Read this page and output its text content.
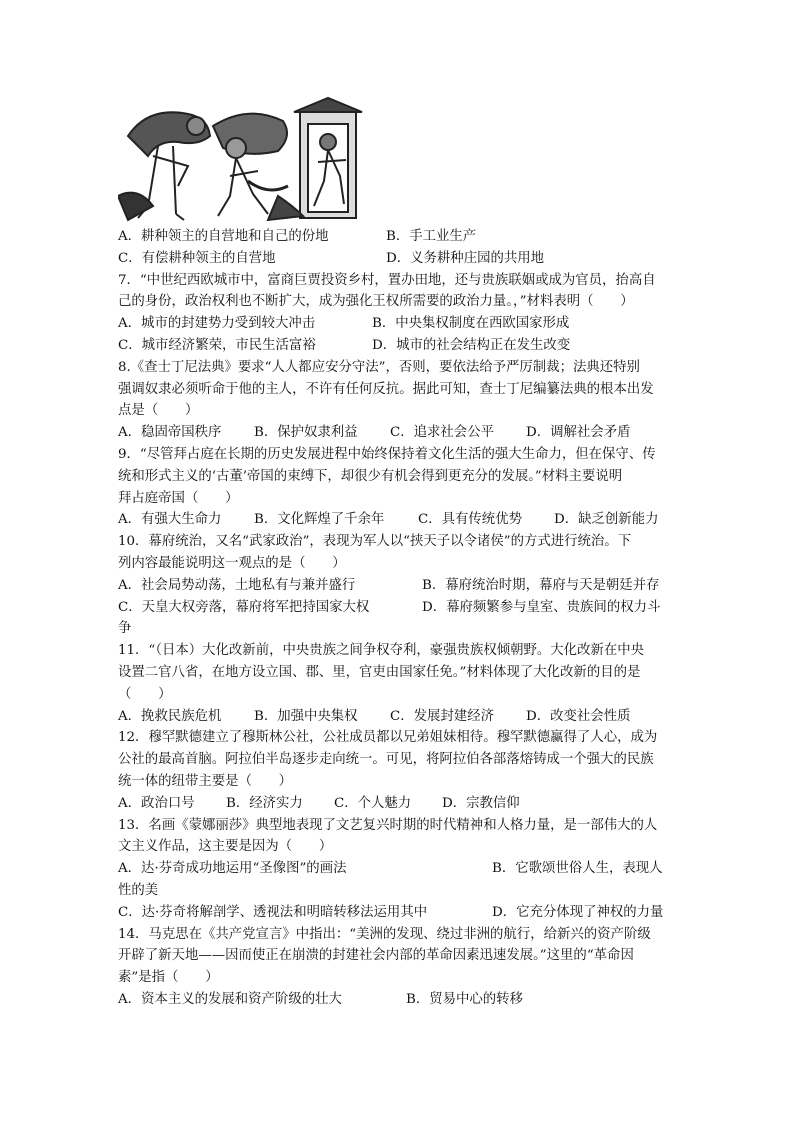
A．耕种领主的自营地和自己的份地	B．手工业生产
C．有偿耕种领主的自营地	D．义务耕种庄园的共用地
7．“中世纪西欧城市中，富商巨贾投资乡村，置办田地，还与贵族联姻或成为官员，抬高自
己的身份，政治权利也不断扩大，成为强化王权所需要的政治力量。，”材料表明（　　）
A．城市的封建势力受到较大冲击	B．中央集权制度在西欧国家形成
C．城市经济繁荣，市民生活富裕	D．城市的社会结构正在发生改变
8.《查士丁尼法典》要求“人人都应安分守法”，否则，要依法给予严厉制裁；法典还特别
强调奴隶必须听命于他的主人，不许有任何反抗。据此可知，查士丁尼编纂法典的根本出发
点是（　　）
A．稳固帝国秩序	B．保护奴隶利益	C．追求社会公平	D．调解社会矛盾
9．“尽管拜占庭在长期的历史发展进程中始终保持着文化生活的强大生命力，但在保守、传
统和形式主义的‘古董’帝国的束缚下，却很少有机会得到更充分的发展。”材料主要说明
拜占庭帝国（　　）
A．有强大生命力	B．文化辉煌了千余年	C．具有传统优势	D．缺乏创新能力
10．幕府统治，又名“武家政治”，表现为军人以“挟天子以令诸侯”的方式进行统治。下
列内容最能说明这一观点的是（　　）
A．社会局势动荡，土地私有与兼并盛行	B．幕府统治时期，幕府与天是朝廷并存
C．天皇大权旁落，幕府将军把持国家大权	D．幕府频繁参与皇室、贵族间的权力斗
争
11．“（日本）大化改新前，中央贵族之间争权夺利，豪强贵族权倾朝野。大化改新在中央
设置二官八省，在地方设立国、郡、里，官吏由国家任免。”材料体现了大化改新的目的是
（　　）
A．挽救民族危机	B．加强中央集权	C．发展封建经济	D．改变社会性质
12．穆罕默德建立了穆斯林公社，公社成员都以兄弟姐妹相待。穆罕默德赢得了人心，成为
公社的最高首脑。阿拉伯半岛逐步走向统一。可见，将阿拉伯各部落熔铸成一个强大的民族
统一体的纽带主要是（　　）
A．政治口号	B．经济实力	C．个人魅力	D．宗教信仰
13．名画《蒙娜丽莎》典型地表现了文艺复兴时期的时代精神和人格力量，是一部伟大的人
文主义作品，这主要是因为（　　）
A．达·芬奇成功地运用“圣像图”的画法	B．它歌颂世俗人生，表现人
性的美
C．达·芬奇将解剖学、透视法和明暗转移法运用其中	D．它充分体现了神权的力量
14．马克思在《共产党宣言》中指出：“美洲的发现、绕过非洲的航行，给新兴的资产阶级
开辟了新天地——因而使正在崩溃的封建社会内部的革命因素迅速发展。”这里的“革命因
素”是指（　　）
A．资本主义的发展和资产阶级的壮大	B．贸易中心的转移
